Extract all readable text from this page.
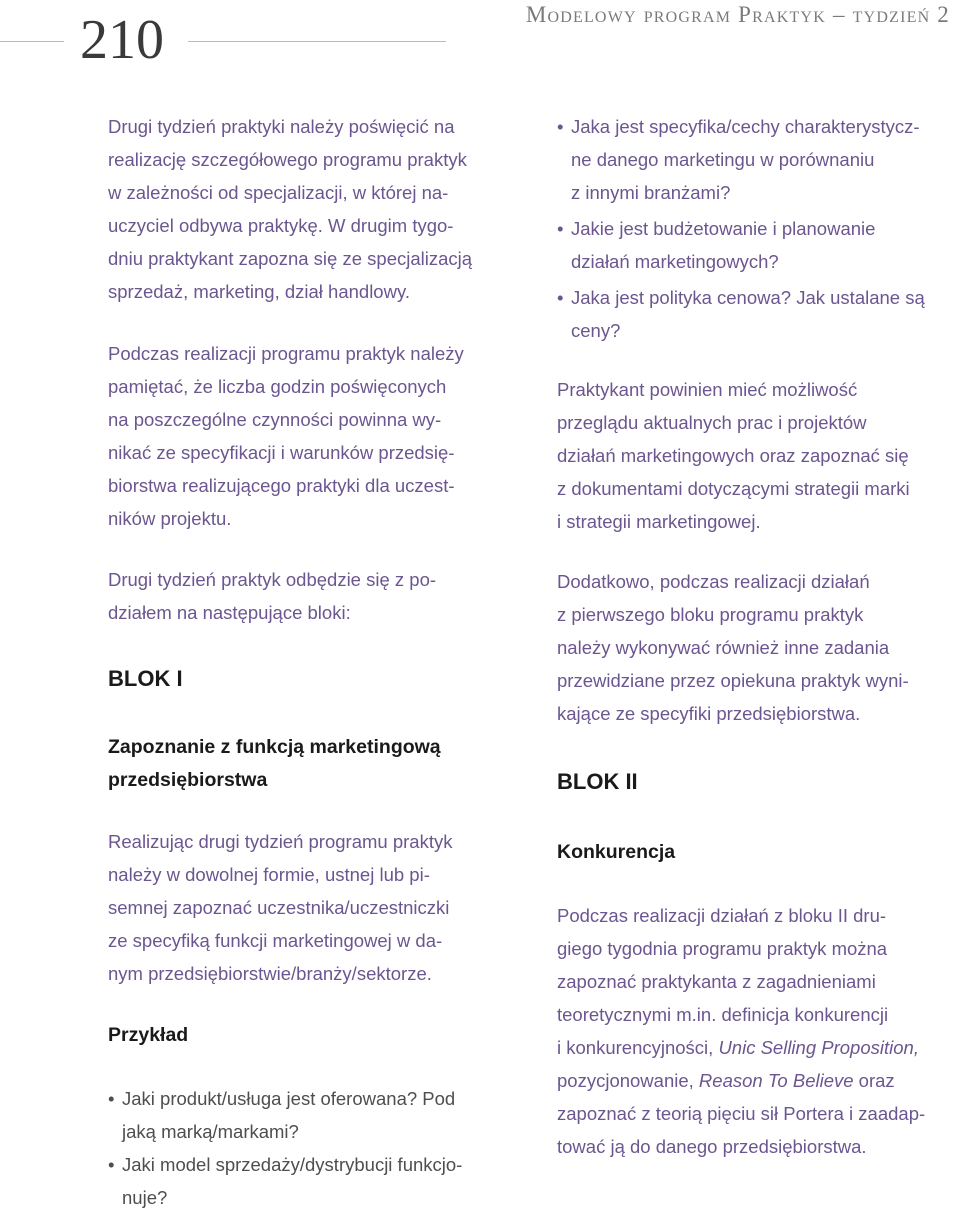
210	Modelowy program Praktyk – tydzień 2

Drugi tydzień praktyki należy poświęcić na
realizację szczegółowego programu praktyk
w zależności od specjalizacji, w której na-
uczyciel odbywa praktykę. W drugim tygo-
dniu praktykant zapozna się ze specjalizacją
sprzedaż, marketing, dział handlowy.

Podczas realizacji programu praktyk należy
pamiętać, że liczba godzin poświęconych
na poszczególne czynności powinna wy-
nikać ze specyfikacji i warunków przedsię-
biorstwa realizującego praktyki dla uczest-
ników projektu.

Drugi tydzień praktyk odbędzie się z po-
działem na następujące bloki:

BLOK I
Zapoznanie z funkcją marketingową
przedsiębiorstwa

Realizując drugi tydzień programu praktyk
należy w dowolnej formie, ustnej lub pi-
semnej zapoznać uczestnika/uczestniczki
ze specyfiką funkcji marketingowej w da-
nym przedsiębiorstwie/branży/sektorze.

Przykład
• Jaki produkt/usługa jest oferowana? Pod
jaką marką/markami?
• Jaki model sprzedaży/dystrybucji funkcjo-
nuje?
• Jaka jest specyfika/cechy charakterystycz-
ne danego marketingu w porównaniu
z innymi branżami?
• Jakie jest budżetowanie i planowanie
działań marketingowych?
• Jaka jest polityka cenowa? Jak ustalane są
ceny?

Praktykant powinien mieć możliwość
przeglądu aktualnych prac i projektów
działań marketingowych oraz zapoznać się
z dokumentami dotyczącymi strategii marki
i strategii marketingowej.

Dodatkowo, podczas realizacji działań
z pierwszego bloku programu praktyk
należy wykonywać również inne zadania
przewidziane przez opiekuna praktyk wyni-
kające ze specyfiki przedsiębiorstwa.

BLOK II
Konkurencja

Podczas realizacji działań z bloku II dru-
giego tygodnia programu praktyk można
zapoznać praktykanta z zagadnieniami
teoretycznymi m.in. definicja konkurencji
i konkurencyjności, Unic Selling Proposition,
pozycjonowanie, Reason To Believe oraz
zapoznać z teorią pięciu sił Portera i zaadap-
tować ją do danego przedsiębiorstwa.
